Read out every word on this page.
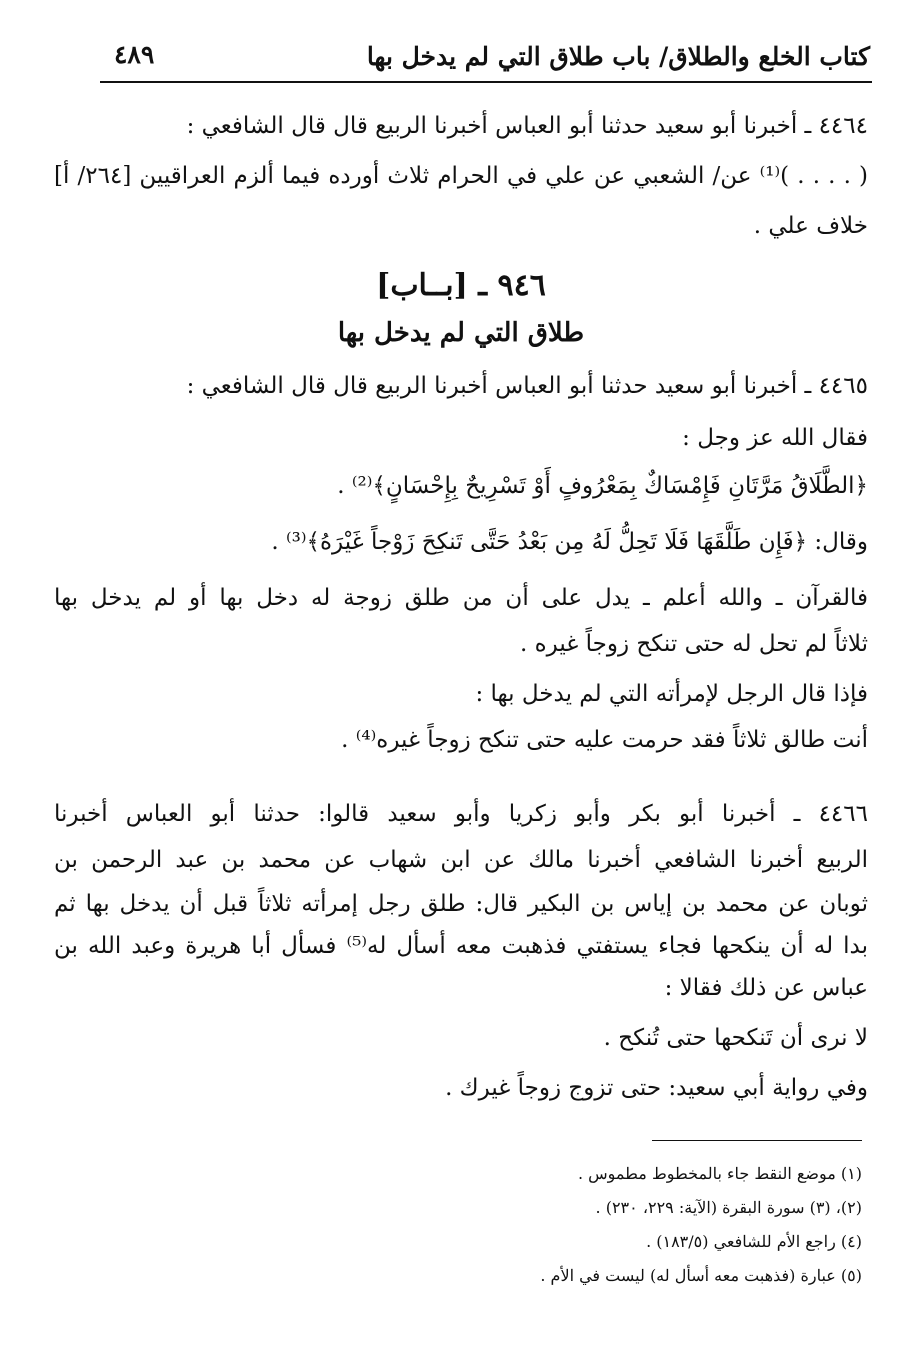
كتاب الخلع والطلاق/ باب طلاق التي لم يدخل بها
٤٨٩
٤٤٦٤ ـ أخبرنا أبو سعيد حدثنا أبو العباس أخبرنا الربيع قال قال الشافعي :
( . . . . )⁽¹⁾ عن/ الشعبي عن علي في الحرام ثلاث أورده فيما ألزم العراقيين [٢٦٤/ أ]
خلاف علي .
٩٤٦ ـ [بــاب]
طلاق التي لم يدخل بها
٤٤٦٥ ـ أخبرنا أبو سعيد حدثنا أبو العباس أخبرنا الربيع قال قال الشافعي :
فقال الله عز وجل :
﴿الطَّلَاقُ مَرَّتَانِ فَإِمْسَاكٌ بِمَعْرُوفٍ أَوْ تَسْرِيحٌ بِإِحْسَانٍ﴾⁽²⁾ .
وقال: ﴿فَإِن طَلَّقَهَا فَلَا تَحِلُّ لَهُ مِن بَعْدُ حَتَّى تَنكِحَ زَوْجاً غَيْرَهُ﴾⁽³⁾ .
فالقرآن ـ والله أعلم ـ يدل على أن من طلق زوجة له دخل بها أو لم يدخل بها
ثلاثاً لم تحل له حتى تنكح زوجاً غيره .
فإذا قال الرجل لإمرأته التي لم يدخل بها :
أنت طالق ثلاثاً فقد حرمت عليه حتى تنكح زوجاً غيره⁽⁴⁾ .
٤٤٦٦ ـ أخبرنا أبو بكر وأبو زكريا وأبو سعيد قالوا: حدثنا أبو العباس أخبرنا
الربيع أخبرنا الشافعي أخبرنا مالك عن ابن شهاب عن محمد بن عبد الرحمن بن
ثوبان عن محمد بن إياس بن البكير قال: طلق رجل إمرأته ثلاثاً قبل أن يدخل بها ثم
بدا له أن ينكحها فجاء يستفتي فذهبت معه أسأل له⁽⁵⁾ فسأل أبا هريرة وعبد الله بن
عباس عن ذلك فقالا :
لا نرى أن تَنكحها حتى تُنكح .
وفي رواية أبي سعيد: حتى تزوج زوجاً غيرك .
(١) موضع النقط جاء بالمخطوط مطموس .
(٢)، (٣) سورة البقرة (الآية: ٢٢٩، ٢٣٠) .
(٤) راجع الأم للشافعي (١٨٣/٥) .
(٥) عبارة (فذهبت معه أسأل له) ليست في الأم .
